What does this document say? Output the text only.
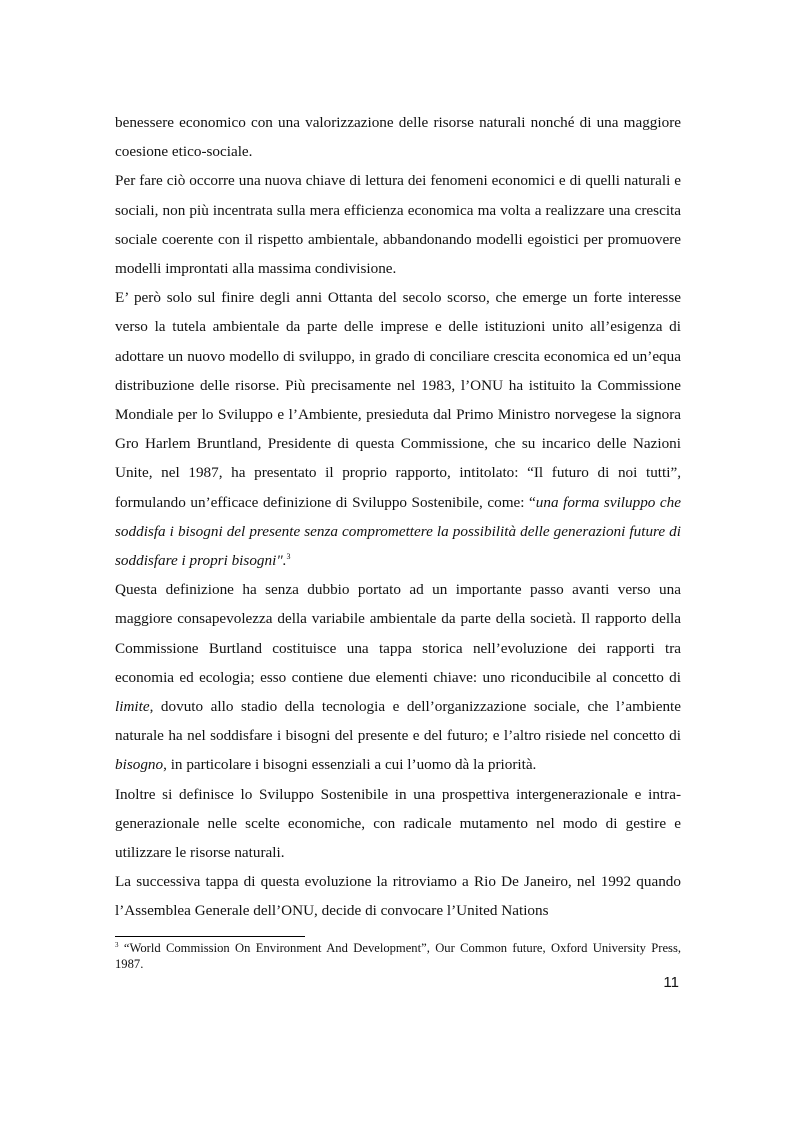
benessere economico con una valorizzazione delle risorse naturali nonché di una maggiore coesione etico-sociale.

Per fare ciò occorre una nuova chiave di lettura dei fenomeni economici e di quelli naturali e sociali, non più incentrata sulla mera efficienza economica ma volta a realizzare una crescita sociale coerente con il rispetto ambientale, abbandonando modelli egoistici per promuovere modelli improntati alla massima condivisione.

E’ però solo sul finire degli anni Ottanta del secolo scorso, che emerge un forte interesse verso la tutela ambientale da parte delle imprese e delle istituzioni unito all’esigenza di adottare un nuovo modello di sviluppo, in grado di conciliare crescita economica ed un’equa distribuzione delle risorse. Più precisamente nel 1983, l’ONU ha istituito la Commissione Mondiale per lo Sviluppo e l’Ambiente, presieduta dal Primo Ministro norvegese la signora Gro Harlem Bruntland, Presidente di questa Commissione, che su incarico delle Nazioni Unite, nel 1987, ha presentato il proprio rapporto, intitolato: “Il futuro di noi tutti”, formulando un’efficace definizione di Sviluppo Sostenibile, come: “una forma sviluppo che soddisfa i bisogni del presente senza compromettere la possibilità delle generazioni future di soddisfare i propri bisogni".$^3$

Questa definizione ha senza dubbio portato ad un importante passo avanti verso una maggiore consapevolezza della variabile ambientale da parte della società. Il rapporto della Commissione Burtland costituisce una tappa storica nell’evoluzione dei rapporti tra economia ed ecologia; esso contiene due elementi chiave: uno riconducibile al concetto di limite, dovuto allo stadio della tecnologia e dell’organizzazione sociale, che l’ambiente naturale ha nel soddisfare i bisogni del presente e del futuro; e l’altro risiede nel concetto di bisogno, in particolare i bisogni essenziali a cui l’uomo dà la priorità.

Inoltre si definisce lo Sviluppo Sostenibile in una prospettiva intergenerazionale e intra-generazionale nelle scelte economiche, con radicale mutamento nel modo di gestire e utilizzare le risorse naturali.

La successiva tappa di questa evoluzione la ritroviamo a Rio De Janeiro, nel 1992 quando l’Assemblea Generale dell’ONU, decide di convocare l’United Nations

$^3$ “World Commission On Environment And Development”, Our Common future, Oxford University Press, 1987.

11
